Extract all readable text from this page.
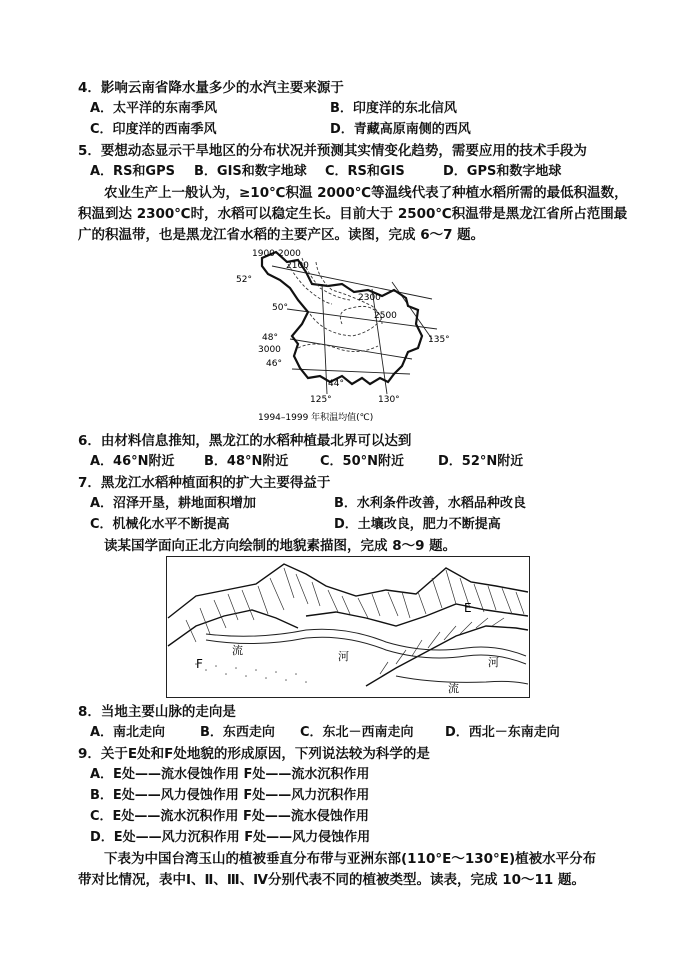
4．影响云南省降水量多少的水汽主要来源于
A．太平洋的东南季风	B．印度洋的东北信风
C．印度洋的西南季风	D．青藏高原南侧的西风
5．要想动态显示干旱地区的分布状况并预测其实情变化趋势，需要应用的技术手段为
A．RS和GPS B．GIS和数字地球 C．RS和GIS	D．GPS和数字地球
农业生产上一般认为，≥10℃积温 2000℃等温线代表了种植水稻所需的最低积温数，
积温到达 2300℃时，水稻可以稳定生长。目前大于 2500℃积温带是黑龙江省所占范围最
广的积温带，也是黑龙江省水稻的主要产区。读图，完成 6～7 题。
1900 2000
2100
2300
2500
3000
52°
50°
48°
46°
44°
125°	130°
135°
1994–1999 年积温均值(℃)
6．由材料信息推知，黑龙江的水稻种植最北界可以达到
A．46°N附近 B．48°N附近 C．50°N附近	D．52°N附近
7．黑龙江水稻种植面积的扩大主要得益于
A．沼泽开垦，耕地面积增加	B．水利条件改善，水稻品种改良
C．机械化水平不断提高	D．土壤改良，肥力不断提高
读某国学面向正北方向绘制的地貌素描图，完成 8～9 题。
E
F
河	河
流
流
8．当地主要山脉的走向是
A．南北走向	B．东西走向 C．东北－西南走向 D．西北－东南走向
9．关于E处和F处地貌的形成原因，下列说法较为科学的是
A．E处——流水侵蚀作用 F处——流水沉积作用
B．E处——风力侵蚀作用 F处——风力沉积作用
C．E处——流水沉积作用 F处——流水侵蚀作用
D．E处——风力沉积作用 F处——风力侵蚀作用
下表为中国台湾玉山的植被垂直分布带与亚洲东部(110°E～130°E)植被水平分布
带对比情况，表中Ⅰ、Ⅱ、Ⅲ、Ⅳ分别代表不同的植被类型。读表，完成 10～11 题。
